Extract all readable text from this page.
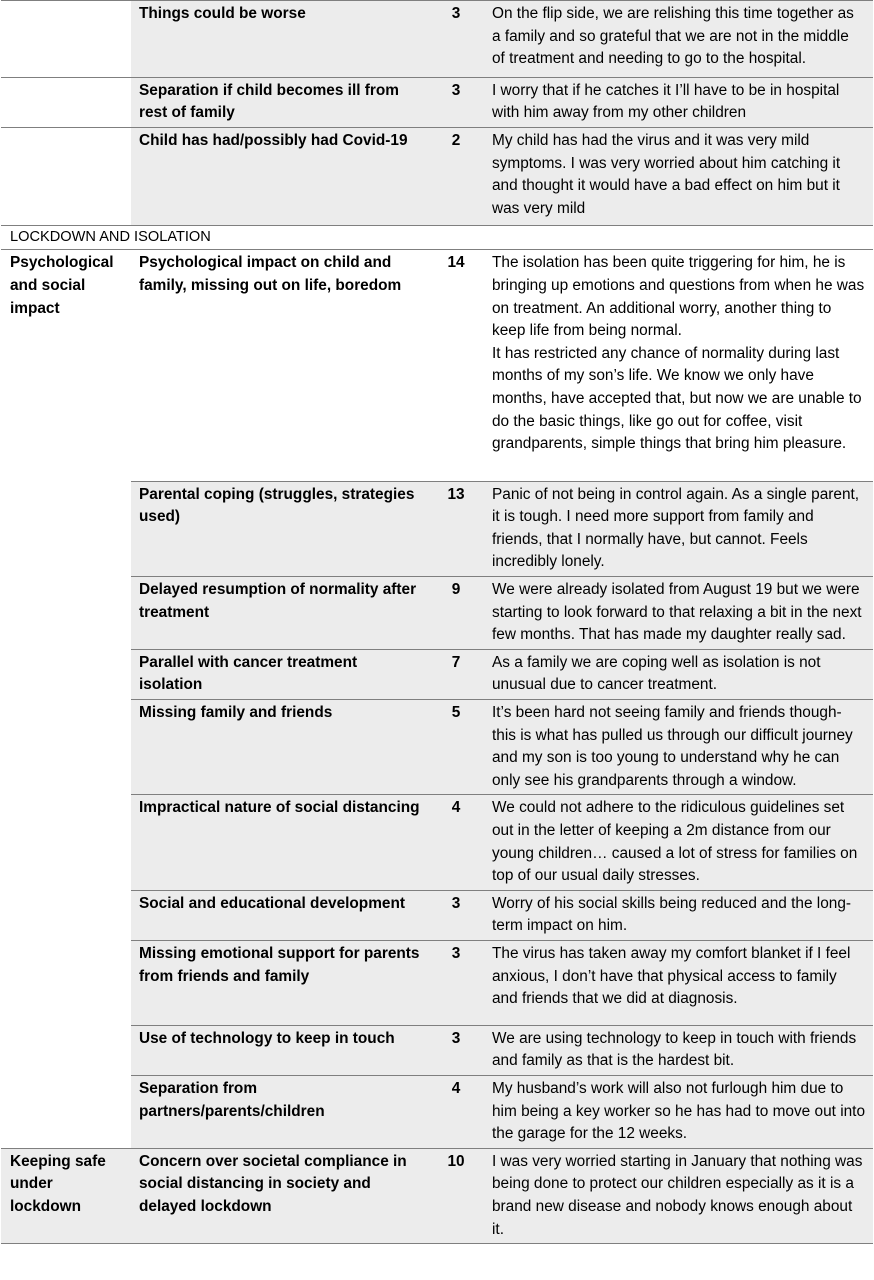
	Things could be worse	3	On the flip side, we are relishing this time together as a family and so grateful that we are not in the middle of treatment and needing to go to the hospital.
	Separation if child becomes ill from rest of family	3	I worry that if he catches it I’ll have to be in hospital with him away from my other children
	Child has had/possibly had Covid-19	2	My child has had the virus and it was very mild symptoms. I was very worried about him catching it and thought it would have a bad effect on him but it was very mild
LOCKDOWN AND ISOLATION			
Psychological and social impact	Psychological impact on child and family, missing out on life, boredom	14	The isolation has been quite triggering for him, he is bringing up emotions and questions from when he was on treatment. An additional worry, another thing to keep life from being normal.
It has restricted any chance of normality during last months of my son’s life. We know we only have months, have accepted that, but now we are unable to do the basic things, like go out for coffee, visit grandparents, simple things that bring him pleasure.

	Parental coping (struggles, strategies used)	13	Panic of not being in control again. As a single parent, it is tough. I need more support from family and friends, that I normally have, but cannot. Feels incredibly lonely.
	Delayed resumption of normality after treatment	9	We were already isolated from August 19 but we were starting to look forward to that relaxing a bit in the next few months. That has made my daughter really sad.
	Parallel with cancer treatment isolation	7	As a family we are coping well as isolation is not unusual due to cancer treatment.
	Missing family and friends	5	It’s been hard not seeing family and friends though-this is what has pulled us through our difficult journey and my son is too young to understand why he can only see his grandparents through a window.
	Impractical nature of social distancing	4	We could not adhere to the ridiculous guidelines set out in the letter of keeping a 2m distance from our young children… caused a lot of stress for families on top of our usual daily stresses.
	Social and educational development	3	Worry of his social skills being reduced and the long-term impact on him.
	Missing emotional support for parents from friends and family	3	The virus has taken away my comfort blanket if I feel anxious, I don’t have that physical access to family and friends that we did at diagnosis.
	Use of technology to keep in touch	3	We are using technology to keep in touch with friends and family as that is the hardest bit.
	Separation from partners/parents/children	4	My husband’s work will also not furlough him due to him being a key worker so he has had to move out into the garage for the 12 weeks.
Keeping safe under lockdown	Concern over societal compliance in social distancing in society and delayed lockdown	10	I was very worried starting in January that nothing was being done to protect our children especially as it is a brand new disease and nobody knows enough about it.
